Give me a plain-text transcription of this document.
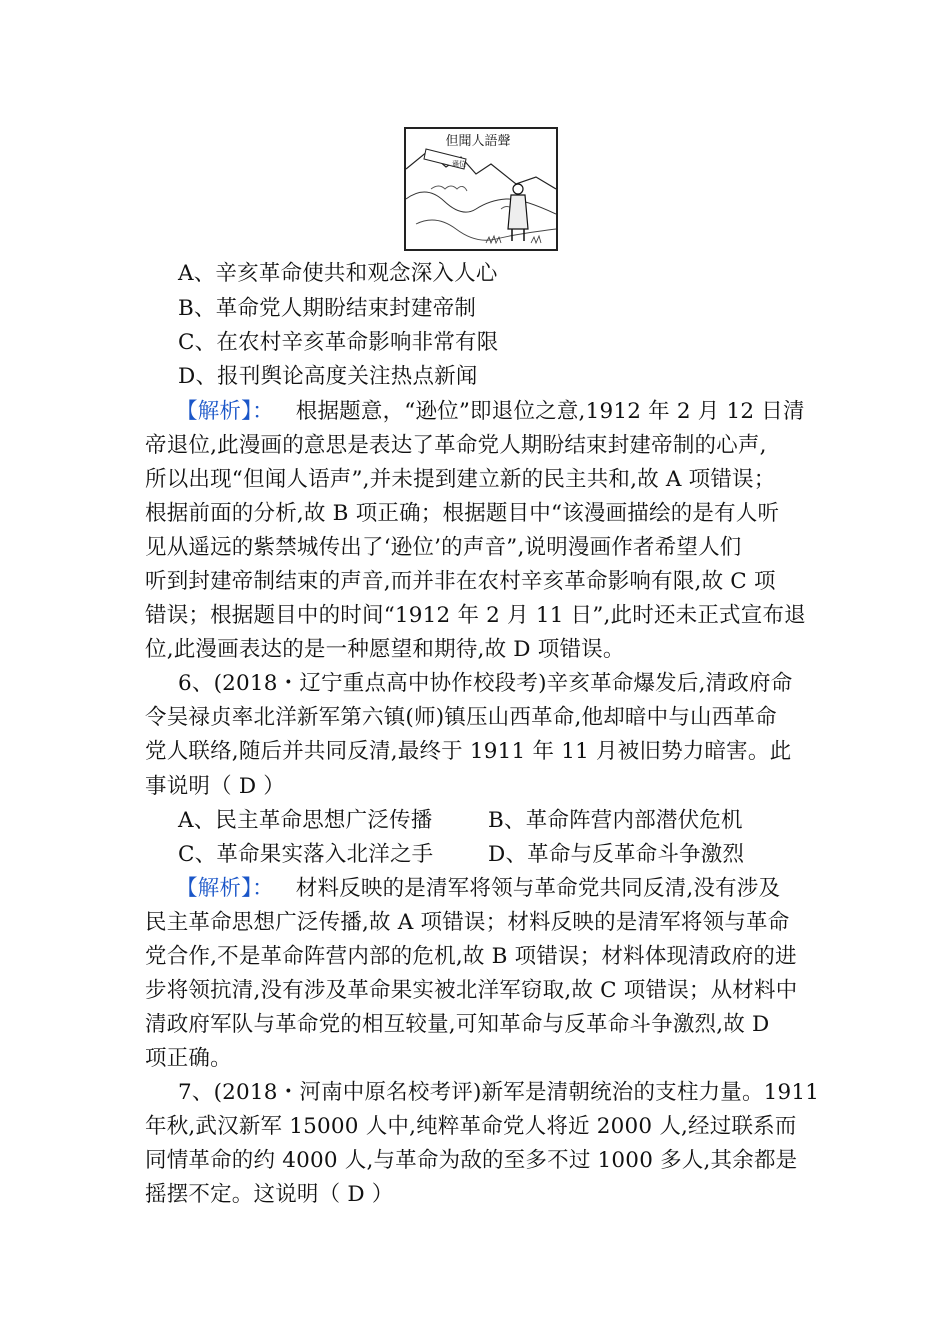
但聞人語聲
遜位
A、辛亥革命使共和观念深入人心
B、革命党人期盼结束封建帝制
C、在农村辛亥革命影响非常有限
D、报刊舆论高度关注热点新闻
【解析】： 根据题意，“逊位”即退位之意,1912 年 2 月 12 日清
帝退位,此漫画的意思是表达了革命党人期盼结束封建帝制的心声,
所以出现“但闻人语声”,并未提到建立新的民主共和,故 A 项错误；
根据前面的分析,故 B 项正确；根据题目中“该漫画描绘的是有人听
见从遥远的紫禁城传出了‘逊位’的声音”,说明漫画作者希望人们
听到封建帝制结束的声音,而并非在农村辛亥革命影响有限,故 C 项
错误；根据题目中的时间“1912 年 2 月 11 日”,此时还未正式宣布退
位,此漫画表达的是一种愿望和期待,故 D 项错误。
6、(2018・辽宁重点高中协作校段考)辛亥革命爆发后,清政府命
令吴禄贞率北洋新军第六镇(师)镇压山西革命,他却暗中与山西革命
党人联络,随后并共同反清,最终于 1911 年 11 月被旧势力暗害。此
事说明（ D ）
A、民主革命思想广泛传播	B、革命阵营内部潜伏危机
C、革命果实落入北洋之手	D、革命与反革命斗争激烈
【解析】： 材料反映的是清军将领与革命党共同反清,没有涉及
民主革命思想广泛传播,故 A 项错误；材料反映的是清军将领与革命
党合作,不是革命阵营内部的危机,故 B 项错误；材料体现清政府的进
步将领抗清,没有涉及革命果实被北洋军窃取,故 C 项错误；从材料中
清政府军队与革命党的相互较量,可知革命与反革命斗争激烈,故 D
项正确。
7、(2018・河南中原名校考评)新军是清朝统治的支柱力量。1911
年秋,武汉新军 15000 人中,纯粹革命党人将近 2000 人,经过联系而
同情革命的约 4000 人,与革命为敌的至多不过 1000 多人,其余都是
摇摆不定。这说明（ D ）
